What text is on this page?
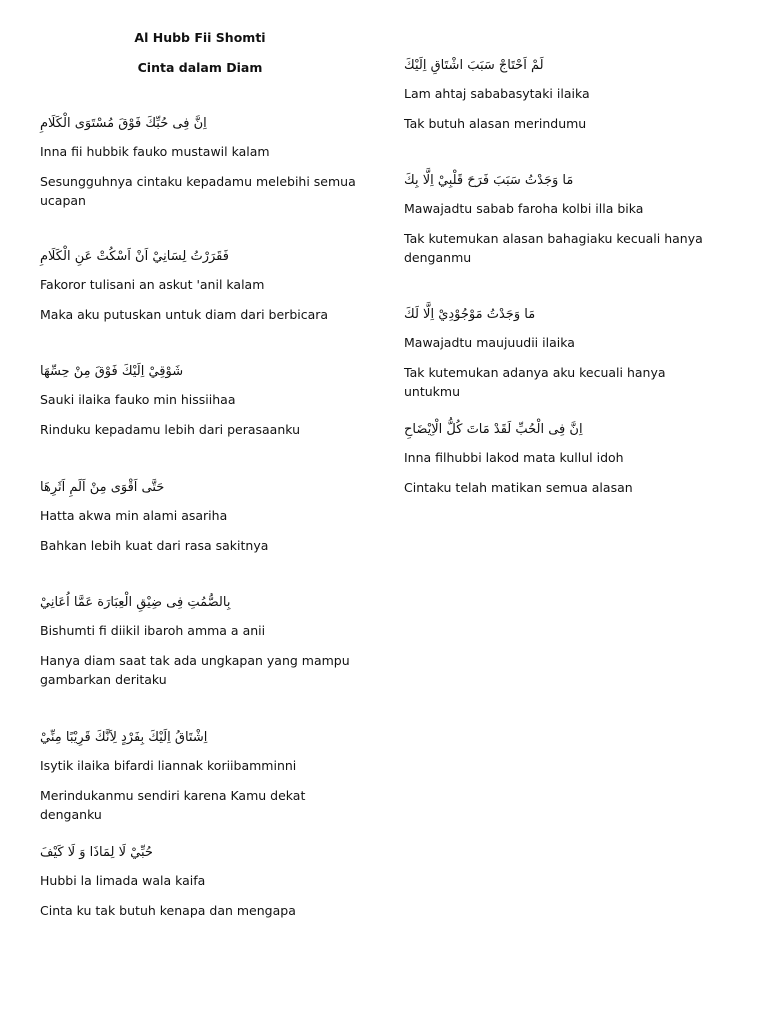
Al Hubb Fii Shomti
Cinta dalam Diam
اِنَّ فِى حُبِّكَ فَوْقَ مُسْتَوَى الْكَلَامِ
Inna fii hubbik fauko mustawil kalam
Sesungguhnya cintaku kepadamu melebihi semua ucapan
فَقَرَرْتُ لِسَانِيْ اَنْ اَسْكُتْ عَنِ الْكَلَامِ
Fakoror tulisani an askut 'anil kalam
Maka aku putuskan untuk diam dari berbicara
شَوْقِيْ اِلَيْكَ فَوْقَ مِنْ حِسِّهَا
Sauki ilaika fauko min hissiihaa
Rinduku kepadamu lebih dari perasaanku
حَتَّى اَقْوَى مِنْ اَلَمِ اَثَرِهَا
Hatta akwa min alami asariha
Bahkan lebih kuat dari rasa sakitnya
بِالصُّمُتِ فِى ضِيْقِ الْعِبَارَة عَمَّا اُعَانِيْ
Bishumti fi diikil ibaroh amma a anii
Hanya diam saat tak ada ungkapan yang mampu gambarkan deritaku
اِشْتَاقُ اِلَيْكَ بِفَرْدٍ لِاَنَّكَ قَرِيْبًا مِنِّيْ
Isytik ilaika bifardi liannak koriibamminni
Merindukanmu sendiri karena Kamu dekat denganku
حُبِّيْ لَا لِمَاذَا وَ لَا كَيْفَ
Hubbi la limada wala kaifa
Cinta ku tak butuh kenapa dan mengapa
لَمْ اَحْتَاجْ سَبَبَ اشْتَاقِ اِلَيْكَ
Lam ahtaj sababasytaki ilaika
Tak butuh alasan merindumu
مَا وَجَدْتُ سَبَبَ فَرَحَ قَلْبِيْ اِلَّا بِكَ
Mawajadtu sabab faroha kolbi illa bika
Tak kutemukan alasan bahagiaku kecuali hanya denganmu
مَا وَجَدْتُ مَوْجُوْدِيْ اِلَّا لَكَ
Mawajadtu maujuudii ilaika
Tak kutemukan adanya aku kecuali hanya untukmu
اِنَّ فِى الْحُبِّ لَقَدْ مَاتَ كُلُّ الْاِيْضَاحِ
Inna filhubbi lakod mata kullul idoh
Cintaku telah matikan semua alasan
